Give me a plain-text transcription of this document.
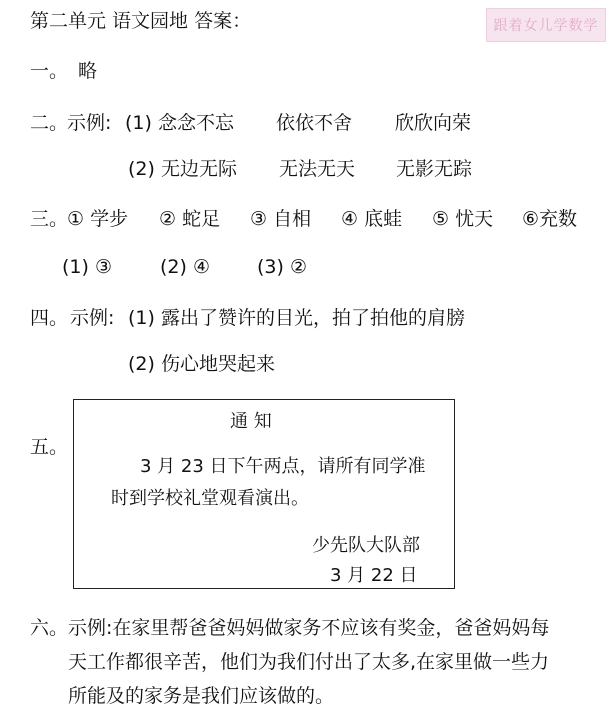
第二单元 语文园地 答案：	跟着女儿学数学
一。 略
二。
示例: (1) 念念不忘 依依不舍 欣欣向荣
(2) 无边无际 无法无天 无影无踪
三。
① 学步 ② 蛇足 ③ 自相 ④ 底蛙 ⑤ 忧天 ⑥充数
(1) ③	(2) ④ (3) ②
四。 示例: (1) 露出了赞许的目光，拍了拍他的肩膀
(2) 伤心地哭起来
五。
通 知
3 月 23 日下午两点，请所有同学准
时到学校礼堂观看演出。
少先队大队部
3 月 22 日
六。 示例:在家里帮爸爸妈妈做家务不应该有奖金，爸爸妈妈每
天工作都很辛苦，他们为我们付出了太多,在家里做一些力
所能及的家务是我们应该做的。
